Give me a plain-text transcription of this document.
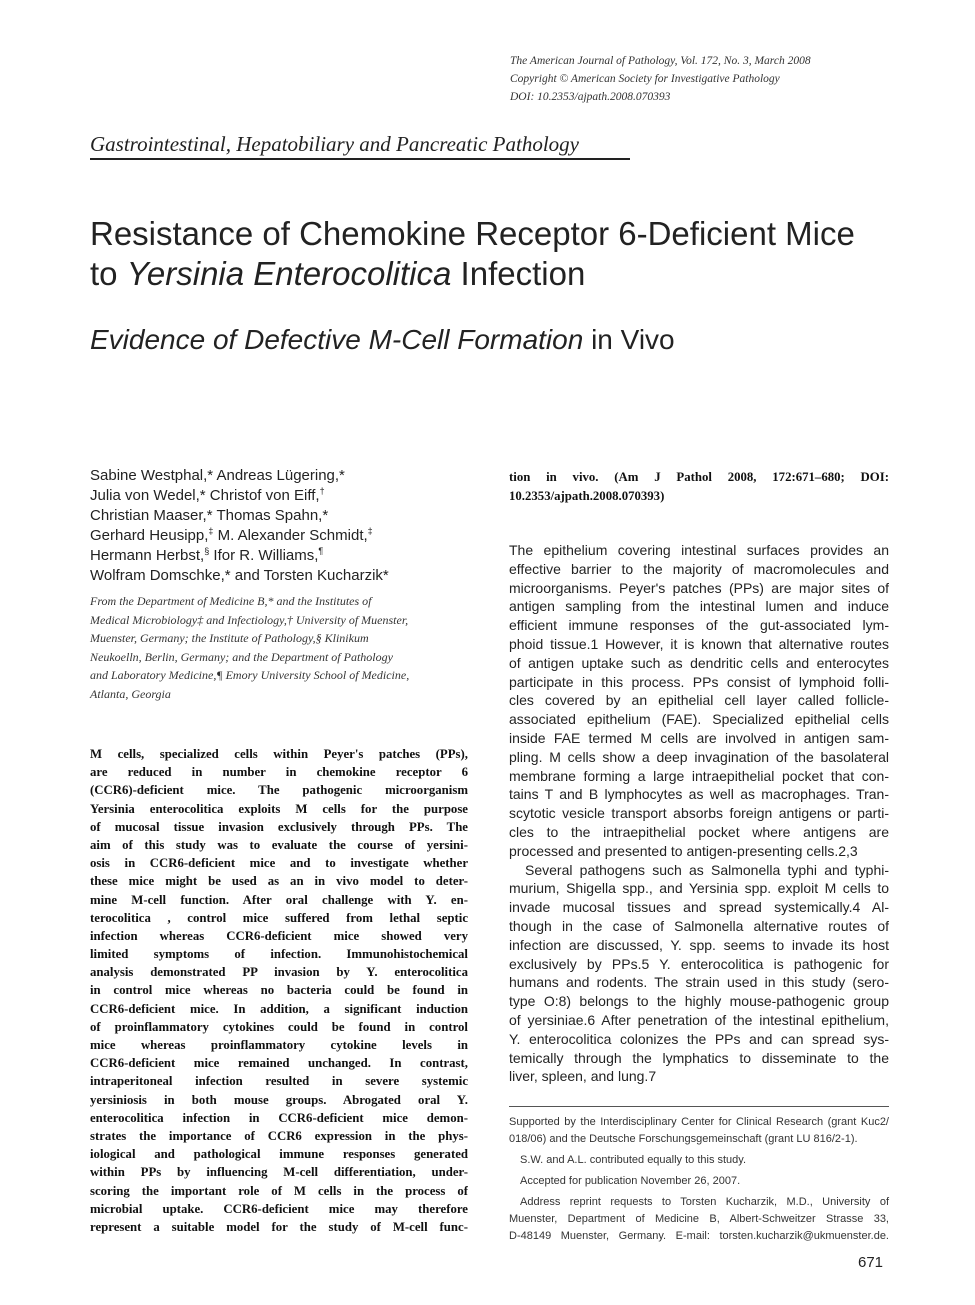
The American Journal of Pathology, Vol. 172, No. 3, March 2008
Copyright © American Society for Investigative Pathology
DOI: 10.2353/ajpath.2008.070393
Gastrointestinal, Hepatobiliary and Pancreatic Pathology
Resistance of Chemokine Receptor 6-Deficient Mice
to Yersinia Enterocolitica Infection
Evidence of Defective M-Cell Formation in Vivo
Sabine Westphal,* Andreas Lügering,*
Julia von Wedel,* Christof von Eiff,†
Christian Maaser,* Thomas Spahn,*
Gerhard Heusipp,‡ M. Alexander Schmidt,‡
Hermann Herbst,§ Ifor R. Williams,¶
Wolfram Domschke,* and Torsten Kucharzik*
From the Department of Medicine B,* and the Institutes of
Medical Microbiology‡ and Infectiology,† University of Muenster,
Muenster, Germany; the Institute of Pathology,§ Klinikum
Neukoelln, Berlin, Germany; and the Department of Pathology
and Laboratory Medicine,¶ Emory University School of Medicine,
Atlanta, Georgia
M cells, specialized cells within Peyer's patches (PPs),
are reduced in number in chemokine receptor 6
(CCR6)-deficient mice. The pathogenic microorganism
Yersinia enterocolitica exploits M cells for the purpose
of mucosal tissue invasion exclusively through PPs. The
aim of this study was to evaluate the course of yersini-
osis in CCR6-deficient mice and to investigate whether
these mice might be used as an in vivo model to deter-
mine M-cell function. After oral challenge with Y. en-
terocolitica , control mice suffered from lethal septic
infection whereas CCR6-deficient mice showed very
limited symptoms of infection. Immunohistochemical
analysis demonstrated PP invasion by Y. enterocolitica
in control mice whereas no bacteria could be found in
CCR6-deficient mice. In addition, a significant induction
of proinflammatory cytokines could be found in control
mice whereas proinflammatory cytokine levels in
CCR6-deficient mice remained unchanged. In contrast,
intraperitoneal infection resulted in severe systemic
yersiniosis in both mouse groups. Abrogated oral Y.
enterocolitica infection in CCR6-deficient mice demon-
strates the importance of CCR6 expression in the phys-
iological and pathological immune responses generated
within PPs by influencing M-cell differentiation, under-
scoring the important role of M cells in the process of
microbial uptake. CCR6-deficient mice may therefore
represent a suitable model for the study of M-cell func-
tion in vivo. (Am J Pathol 2008, 172:671–680; DOI:
10.2353/ajpath.2008.070393)
The epithelium covering intestinal surfaces provides an
effective barrier to the majority of macromolecules and
microorganisms. Peyer's patches (PPs) are major sites of
antigen sampling from the intestinal lumen and induce
efficient immune responses of the gut-associated lym-
phoid tissue.1 However, it is known that alternative routes
of antigen uptake such as dendritic cells and enterocytes
participate in this process. PPs consist of lymphoid folli-
cles covered by an epithelial cell layer called follicle-
associated epithelium (FAE). Specialized epithelial cells
inside FAE termed M cells are involved in antigen sam-
pling. M cells show a deep invagination of the basolateral
membrane forming a large intraepithelial pocket that con-
tains T and B lymphocytes as well as macrophages. Tran-
scytotic vesicle transport absorbs foreign antigens or parti-
cles to the intraepithelial pocket where antigens are
processed and presented to antigen-presenting cells.2,3
Several pathogens such as Salmonella typhi and typhi-
murium, Shigella spp., and Yersinia spp. exploit M cells to
invade mucosal tissues and spread systemically.4 Al-
though in the case of Salmonella alternative routes of
infection are discussed, Y. spp. seems to invade its host
exclusively by PPs.5 Y. enterocolitica is pathogenic for
humans and rodents. The strain used in this study (sero-
type O:8) belongs to the highly mouse-pathogenic group
of yersiniae.6 After penetration of the intestinal epithelium,
Y. enterocolitica colonizes the PPs and can spread sys-
temically through the lymphatics to disseminate to the
liver, spleen, and lung.7
Supported by the Interdisciplinary Center for Clinical Research (grant Kuc2/
018/06) and the Deutsche Forschungsgemeinschaft (grant LU 816/2-1).
S.W. and A.L. contributed equally to this study.
Accepted for publication November 26, 2007.
Address reprint requests to Torsten Kucharzik, M.D., University of
Muenster, Department of Medicine B, Albert-Schweitzer Strasse 33,
D-48149 Muenster, Germany. E-mail: torsten.kucharzik@ukmuenster.de.
671
